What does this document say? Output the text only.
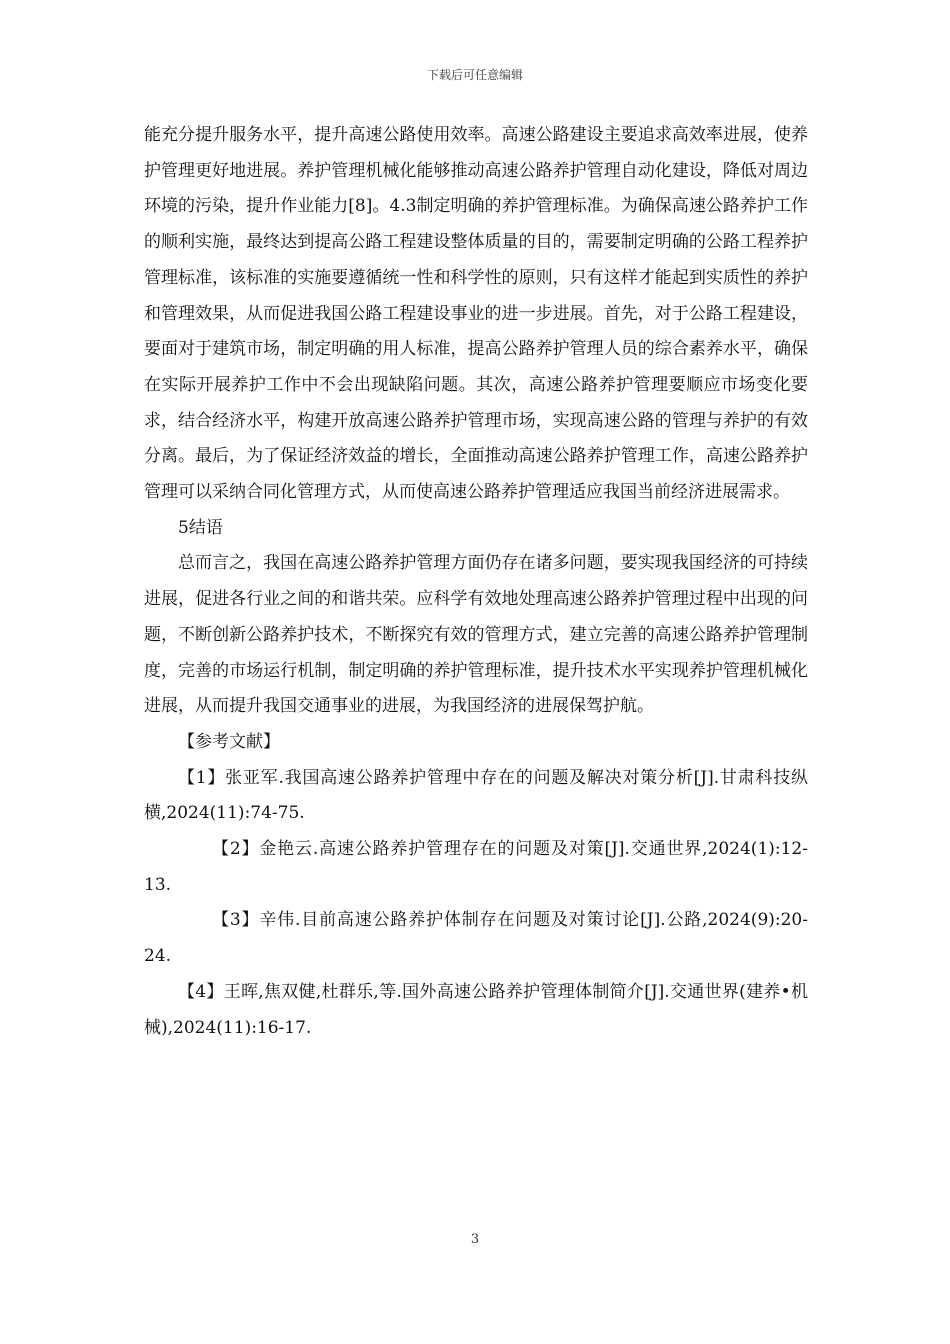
下载后可任意编辑

能充分提升服务水平，提升高速公路使用效率。高速公路建设主要追求高效率进展，使养护管理更好地进展。养护管理机械化能够推动高速公路养护管理自动化建设，降低对周边环境的污染，提升作业能力[8]。4.3制定明确的养护管理标准。为确保高速公路养护工作的顺利实施，最终达到提高公路工程建设整体质量的目的，需要制定明确的公路工程养护管理标准，该标准的实施要遵循统一性和科学性的原则，只有这样才能起到实质性的养护和管理效果，从而促进我国公路工程建设事业的进一步进展。首先，对于公路工程建设，要面对于建筑市场，制定明确的用人标准，提高公路养护管理人员的综合素养水平，确保在实际开展养护工作中不会出现缺陷问题。其次，高速公路养护管理要顺应市场变化要求，结合经济水平，构建开放高速公路养护管理市场，实现高速公路的管理与养护的有效分离。最后，为了保证经济效益的增长，全面推动高速公路养护管理工作，高速公路养护管理可以采纳合同化管理方式，从而使高速公路养护管理适应我国当前经济进展需求。

5结语

总而言之，我国在高速公路养护管理方面仍存在诸多问题，要实现我国经济的可持续进展，促进各行业之间的和谐共荣。应科学有效地处理高速公路养护管理过程中出现的问题，不断创新公路养护技术，不断探究有效的管理方式，建立完善的高速公路养护管理制度，完善的市场运行机制，制定明确的养护管理标准，提升技术水平实现养护管理机械化进展，从而提升我国交通事业的进展，为我国经济的进展保驾护航。

【参考文献】

【1】张亚军.我国高速公路养护管理中存在的问题及解决对策分析[J].甘肃科技纵横,2024(11):74-75.

【2】金艳云.高速公路养护管理存在的问题及对策[J].交通世界,2024(1):12-13.

【3】辛伟.目前高速公路养护体制存在问题及对策讨论[J].公路,2024(9):20-24.

【4】王晖,焦双健,杜群乐,等.国外高速公路养护管理体制简介[J].交通世界(建养•机械),2024(11):16-17.

3
